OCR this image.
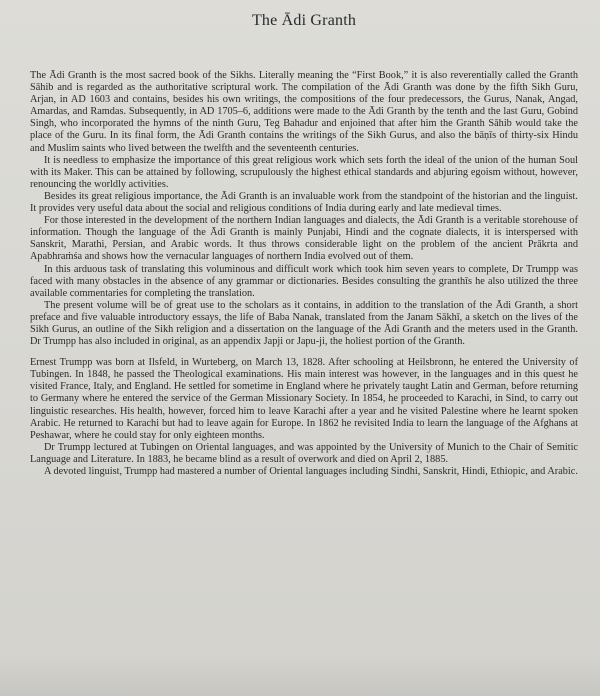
The Ādi Granth

The Ādi Granth is the most sacred book of the Sikhs. Literally meaning the “First Book,” it is also reverentially called the Granth Sāhib and is regarded as the authoritative scriptural work. The compilation of the Ādi Granth was done by the fifth Sikh Guru, Arjan, in AD 1603 and contains, besides his own writings, the compositions of the four predecessors, the Gurus, Nanak, Angad, Amardas, and Ramdas. Subsequently, in AD 1705–6, additions were made to the Ādi Granth by the tenth and the last Guru, Gobind Singh, who incorporated the hymns of the ninth Guru, Teg Bahadur and enjoined that after him the Granth Sāhib would take the place of the Guru. In its final form, the Ādi Granth contains the writings of the Sikh Gurus, and also the bāṇīs of thirty-six Hindu and Muslim saints who lived between the twelfth and the seventeenth centuries.

It is needless to emphasize the importance of this great religious work which sets forth the ideal of the union of the human Soul with its Maker. This can be attained by following, scrupulously the highest ethical standards and abjuring egoism without, however, renouncing the worldly activities.

Besides its great religious importance, the Ādi Granth is an invaluable work from the standpoint of the historian and the linguist. It provides very useful data about the social and religious conditions of India during early and late medieval times.

For those interested in the development of the northern Indian languages and dialects, the Ādi Granth is a veritable storehouse of information. Though the language of the Ādi Granth is mainly Punjabi, Hindi and the cognate dialects, it is interspersed with Sanskrit, Marathi, Persian, and Arabic words. It thus throws considerable light on the problem of the ancient Prākrta and Apabhraṁśa and shows how the vernacular languages of northern India evolved out of them.

In this arduous task of translating this voluminous and difficult work which took him seven years to complete, Dr Trumpp was faced with many obstacles in the absence of any grammar or dictionaries. Besides consulting the granthīs he also utilized the three available commentaries for completing the translation.

The present volume will be of great use to the scholars as it contains, in addition to the translation of the Ādi Granth, a short preface and five valuable introductory essays, the life of Baba Nanak, translated from the Janam Sākhī, a sketch on the lives of the Sikh Gurus, an outline of the Sikh religion and a dissertation on the language of the Ādi Granth and the meters used in the Granth. Dr Trumpp has also included in original, as an appendix Japji or Japu-ji, the holiest portion of the Granth.

Ernest Trumpp was born at Ilsfeld, in Wurteberg, on March 13, 1828. After schooling at Heilsbronn, he entered the University of Tubingen. In 1848, he passed the Theological examinations. His main interest was however, in the languages and in this quest he visited France, Italy, and England. He settled for sometime in England where he privately taught Latin and German, before returning to Germany where he entered the service of the German Missionary Society. In 1854, he proceeded to Karachi, in Sind, to carry out linguistic researches. His health, however, forced him to leave Karachi after a year and he visited Palestine where he learnt spoken Arabic. He returned to Karachi but had to leave again for Europe. In 1862 he revisited India to learn the language of the Afghans at Peshawar, where he could stay for only eighteen months.

Dr Trumpp lectured at Tubingen on Oriental languages, and was appointed by the University of Munich to the Chair of Semitic Language and Literature. In 1883, he became blind as a result of overwork and died on April 2, 1885.

A devoted linguist, Trumpp had mastered a number of Oriental languages including Sindhi, Sanskrit, Hindi, Ethiopic, and Arabic.
